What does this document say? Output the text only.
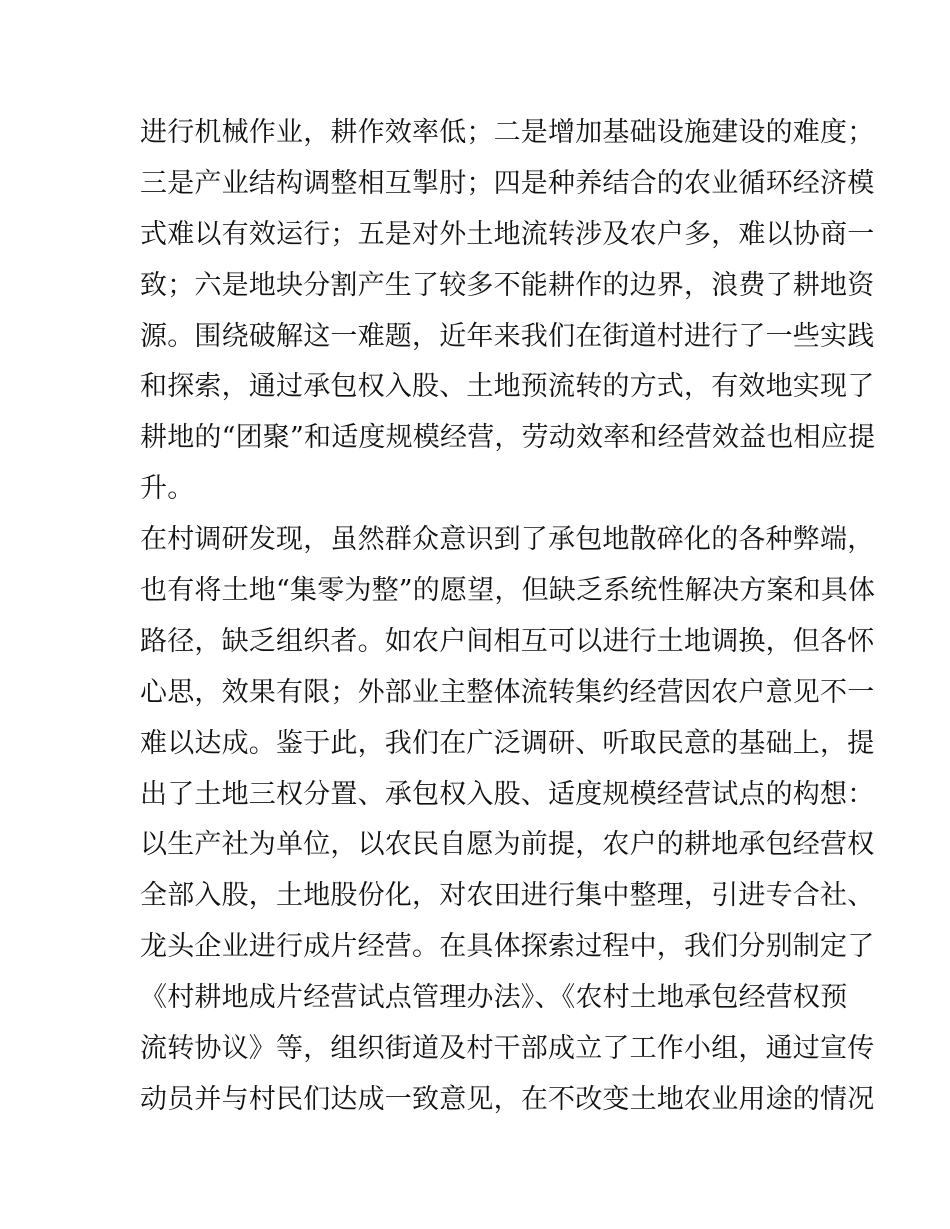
进行机械作业，耕作效率低；二是增加基础设施建设的难度；
三是产业结构调整相互掣肘；四是种养结合的农业循环经济模
式难以有效运行；五是对外土地流转涉及农户多，难以协商一
致；六是地块分割产生了较多不能耕作的边界，浪费了耕地资
源。围绕破解这一难题，近年来我们在街道村进行了一些实践
和探索，通过承包权入股、土地预流转的方式，有效地实现了
耕地的“团聚”和适度规模经营，劳动效率和经营效益也相应提
升。
在村调研发现，虽然群众意识到了承包地散碎化的各种弊端，
也有将土地“集零为整”的愿望，但缺乏系统性解决方案和具体
路径，缺乏组织者。如农户间相互可以进行土地调换，但各怀
心思，效果有限；外部业主整体流转集约经营因农户意见不一
难以达成。鉴于此，我们在广泛调研、听取民意的基础上，提
出了土地三权分置、承包权入股、适度规模经营试点的构想：
以生产社为单位，以农民自愿为前提，农户的耕地承包经营权
全部入股，土地股份化，对农田进行集中整理，引进专合社、
龙头企业进行成片经营。在具体探索过程中，我们分别制定了
《村耕地成片经营试点管理办法》、《农村土地承包经营权预
流转协议》等，组织街道及村干部成立了工作小组，通过宣传
动员并与村民们达成一致意见，在不改变土地农业用途的情况
